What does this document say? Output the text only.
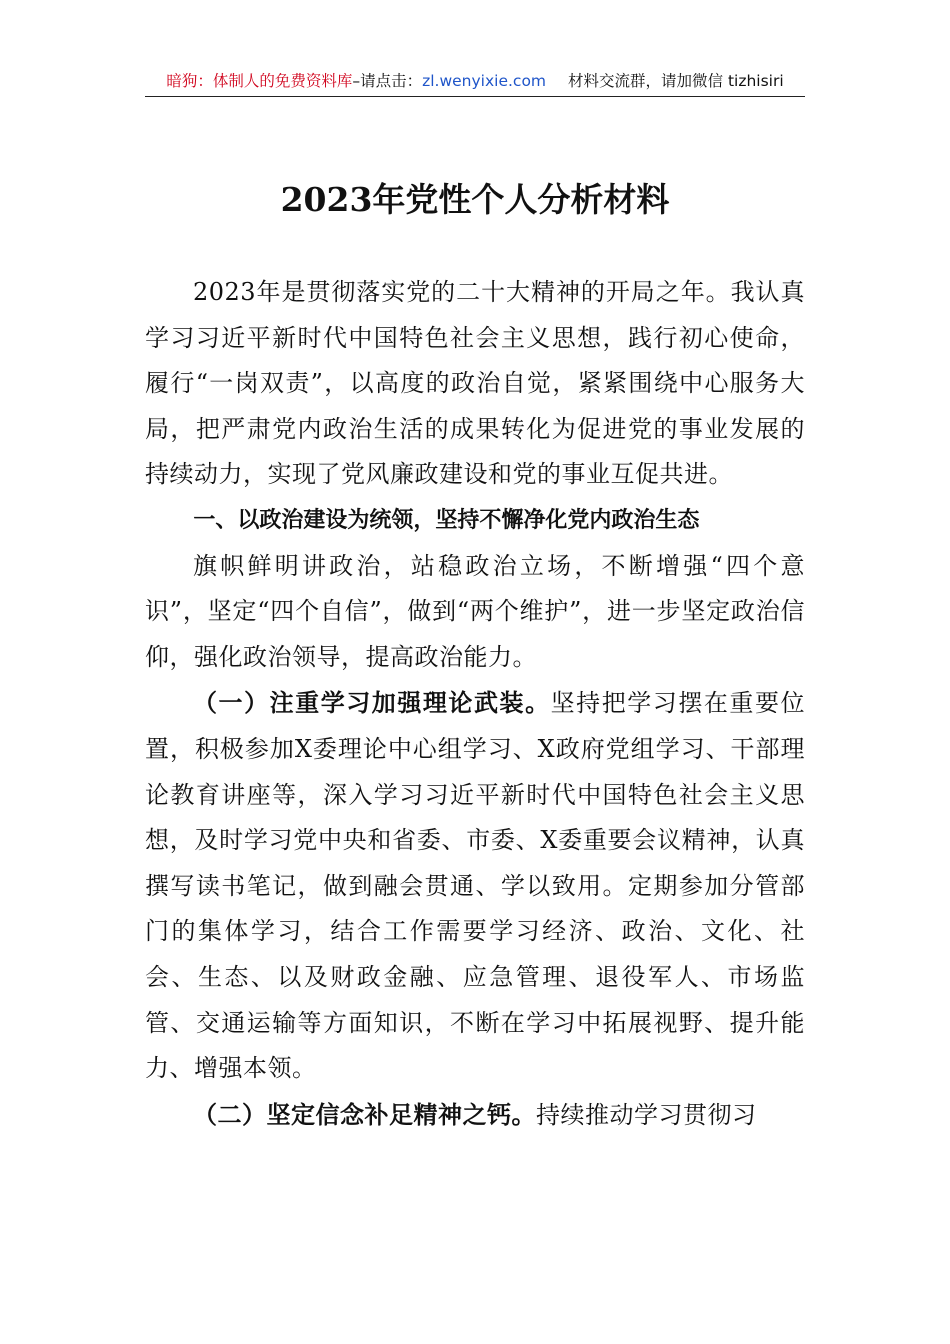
暗狗：体制人的免费资料库–请点击：zl.wenyixie.com 材料交流群，请加微信 tizhisiri
2023年党性个人分析材料

2023年是贯彻落实党的二十大精神的开局之年。我认真学习习近平新时代中国特色社会主义思想，践行初心使命，履行“一岗双责”，以高度的政治自觉，紧紧围绕中心服务大局，把严肃党内政治生活的成果转化为促进党的事业发展的持续动力，实现了党风廉政建设和党的事业互促共进。

一、以政治建设为统领，坚持不懈净化党内政治生态

旗帜鲜明讲政治，站稳政治立场，不断增强“四个意识”，坚定“四个自信”，做到“两个维护”，进一步坚定政治信仰，强化政治领导，提高政治能力。

（一）注重学习加强理论武装。坚持把学习摆在重要位置，积极参加X委理论中心组学习、X政府党组学习、干部理论教育讲座等，深入学习习近平新时代中国特色社会主义思想，及时学习党中央和省委、市委、X委重要会议精神，认真撰写读书笔记，做到融会贯通、学以致用。定期参加分管部门的集体学习，结合工作需要学习经济、政治、文化、社会、生态、以及财政金融、应急管理、退役军人、市场监管、交通运输等方面知识，不断在学习中拓展视野、提升能力、增强本领。

（二）坚定信念补足精神之钙。持续推动学习贯彻习
